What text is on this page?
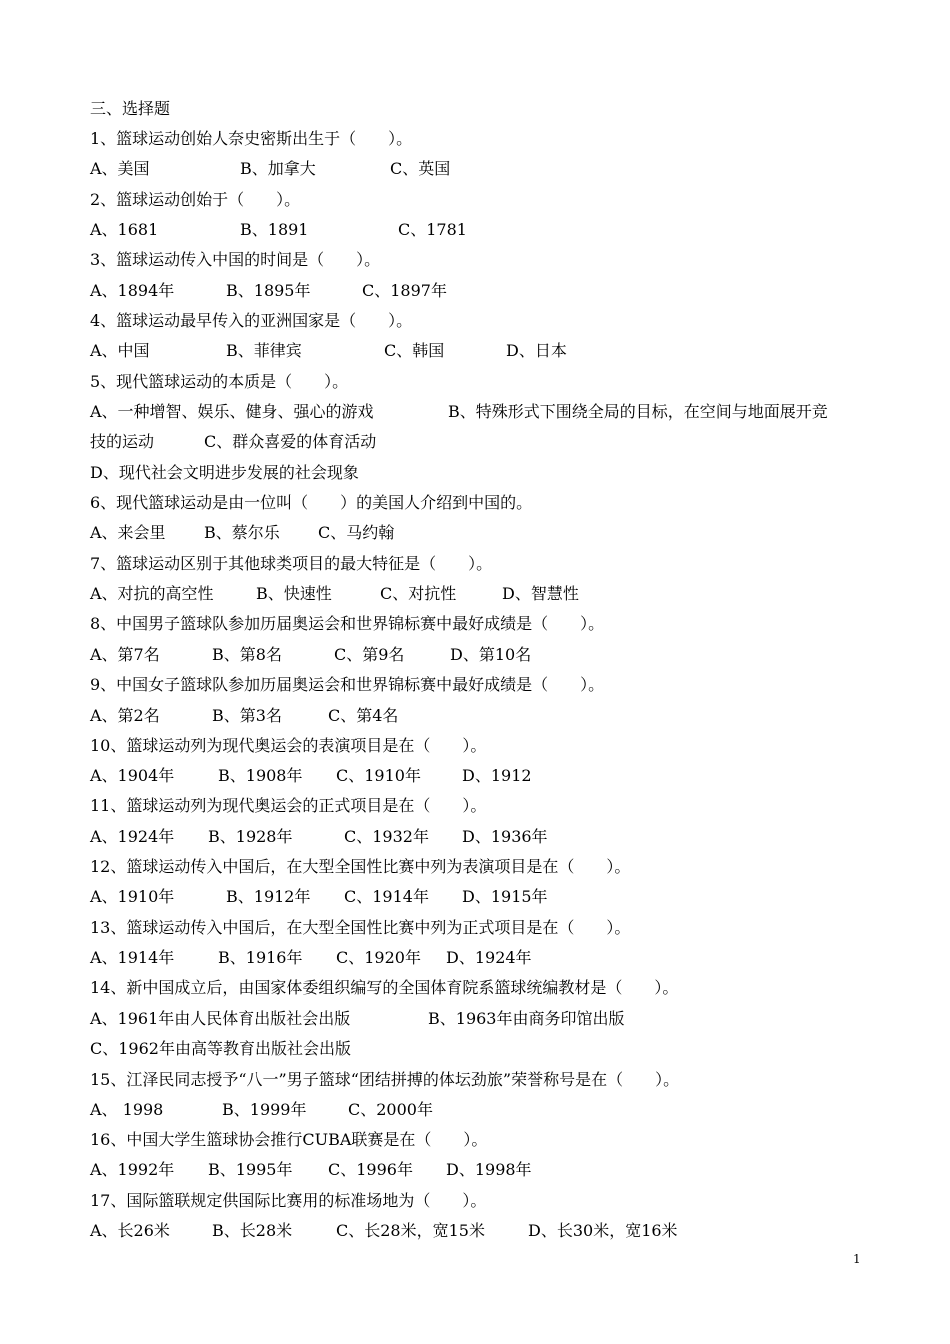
三、选择题
1、篮球运动创始人奈史密斯出生于（　　）。
A、美国	B、加拿大	C、英国
2、篮球运动创始于（　　）。
A、1681	B、1891	C、1781
3、篮球运动传入中国的时间是（　　）。
A、1894年	B、1895年	C、1897年
4、篮球运动最早传入的亚洲国家是（　　）。
A、中国	B、菲律宾	C、韩国	D、日本
5、现代篮球运动的本质是（　　）。
A、一种增智、娱乐、健身、强心的游戏	B、特殊形式下围绕全局的目标，在空间与地面展开竞
技的运动	C、群众喜爱的体育活动
D、现代社会文明进步发展的社会现象
6、现代篮球运动是由一位叫（　　）的美国人介绍到中国的。
A、来会里 B、蔡尔乐 C、马约翰
7、篮球运动区别于其他球类项目的最大特征是（　　）。
A、对抗的高空性	B、快速性	C、对抗性	D、智慧性
8、中国男子篮球队参加历届奥运会和世界锦标赛中最好成绩是（　　）。
A、第7名	B、第8名	C、第9名	D、第10名
9、中国女子篮球队参加历届奥运会和世界锦标赛中最好成绩是（　　）。
A、第2名	B、第3名	C、第4名
10、篮球运动列为现代奥运会的表演项目是在（　　）。
A、1904年	B、1908年 C、1910年	D、1912
11、篮球运动列为现代奥运会的正式项目是在（　　）。
A、1924年 B、1928年	C、1932年 D、1936年
12、篮球运动传入中国后，在大型全国性比赛中列为表演项目是在（　　）。
A、1910年	B、1912年 C、1914年 D、1915年
13、篮球运动传入中国后，在大型全国性比赛中列为正式项目是在（　　）。
A、1914年	B、1916年 C、1920年 D、1924年
14、新中国成立后，由国家体委组织编写的全国体育院系篮球统编教材是（　　）。
A、1961年由人民体育出版社会出版	B、1963年由商务印馆出版
C、1962年由高等教育出版社会出版
15、江泽民同志授予“八一”男子篮球“团结拼搏的体坛劲旅”荣誉称号是在（　　）。
A、 1998	B、1999年	C、2000年
16、中国大学生篮球协会推行CUBA联赛是在（　　）。
A、1992年 B、1995年 C、1996年 D、1998年
17、国际篮联规定供国际比赛用的标准场地为（　　）。
A、长26米	B、长28米	C、长28米，宽15米	D、长30米，宽16米
1
